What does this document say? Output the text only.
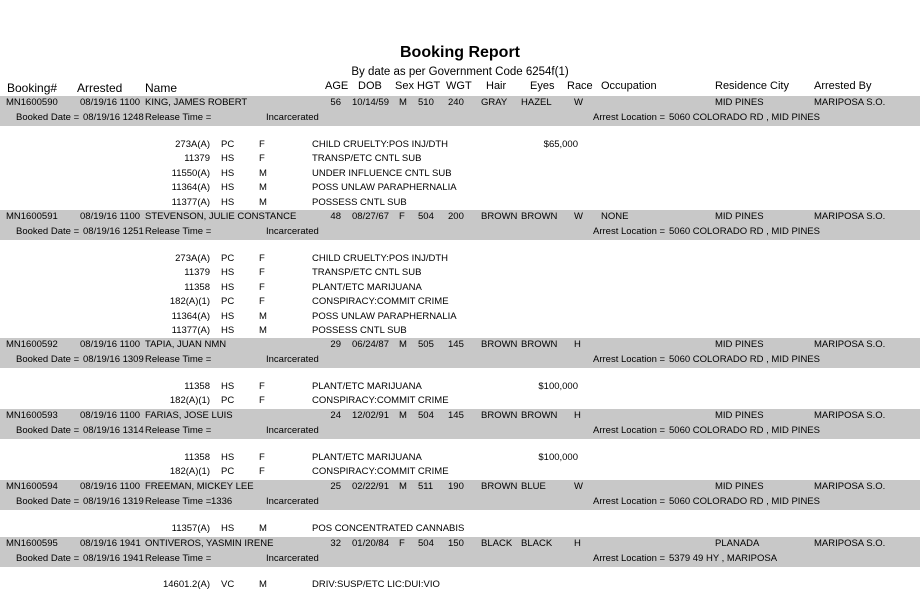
Booking Report
By date as per Government Code 6254f(1)
Booking# Arrested Name	AGE DOB Sex HGT WGT Hair Eyes Race Occupation	Residence City Arrested By
MN1600590 08/19/16 1100 KING, JAMES ROBERT	56 10/14/59 M 510 240 GRAY HAZEL W	MID PINES	MARIPOSA S.O.
Booked Date = 08/19/16 1248 Release Time =	Incarcerated	Arrest Location = 5060 COLORADO RD , MID PINES
273A(A) PC	F	CHILD CRUELTY:POS INJ/DTH	$65,000
11379 HS	F	TRANSP/ETC CNTL SUB
11550(A) HS	M	UNDER INFLUENCE CNTL SUB
11364(A) HS	M	POSS UNLAW PARAPHERNALIA
11377(A) HS	M	POSSESS CNTL SUB
MN1600591 08/19/16 1100 STEVENSON, JULIE CONSTANCE	48 08/27/67 F 504 200 BROWN BROWN W NONE	MID PINES	MARIPOSA S.O.
Booked Date = 08/19/16 1251 Release Time =	Incarcerated	Arrest Location = 5060 COLORADO RD , MID PINES
273A(A) PC	F	CHILD CRUELTY:POS INJ/DTH
11379 HS	F	TRANSP/ETC CNTL SUB
11358 HS	F	PLANT/ETC MARIJUANA
182(A)(1) PC	F	CONSPIRACY:COMMIT CRIME
11364(A) HS	M	POSS UNLAW PARAPHERNALIA
11377(A) HS	M	POSSESS CNTL SUB
MN1600592 08/19/16 1100 TAPIA, JUAN NMN	29 06/24/87 M 505 145 BROWN BROWN H	MID PINES	MARIPOSA S.O.
Booked Date = 08/19/16 1309 Release Time =	Incarcerated	Arrest Location = 5060 COLORADO RD , MID PINES
11358 HS	F	PLANT/ETC MARIJUANA	$100,000
182(A)(1) PC	F	CONSPIRACY:COMMIT CRIME
MN1600593 08/19/16 1100 FARIAS, JOSE LUIS	24 12/02/91 M 504 145 BROWN BROWN H	MID PINES	MARIPOSA S.O.
Booked Date = 08/19/16 1314 Release Time =	Incarcerated	Arrest Location = 5060 COLORADO RD , MID PINES
11358 HS	F	PLANT/ETC MARIJUANA	$100,000
182(A)(1) PC	F	CONSPIRACY:COMMIT CRIME
MN1600594 08/19/16 1100 FREEMAN, MICKEY LEE	25 02/22/91 M 511 190 BROWN BLUE	W	MID PINES	MARIPOSA S.O.
Booked Date = 08/19/16 1319 Release Time = 1336	Incarcerated	Arrest Location = 5060 COLORADO RD , MID PINES
11357(A) HS	M	POS CONCENTRATED CANNABIS
MN1600595 08/19/16 1941 ONTIVEROS, YASMIN IRENE	32 01/20/84 F 504 150 BLACK BLACK H	PLANADA	MARIPOSA S.O.
Booked Date = 08/19/16 1941 Release Time =	Incarcerated	Arrest Location = 5379 49 HY , MARIPOSA
14601.2(A) VC	M	DRIV:SUSP/ETC LIC:DUI:VIO
